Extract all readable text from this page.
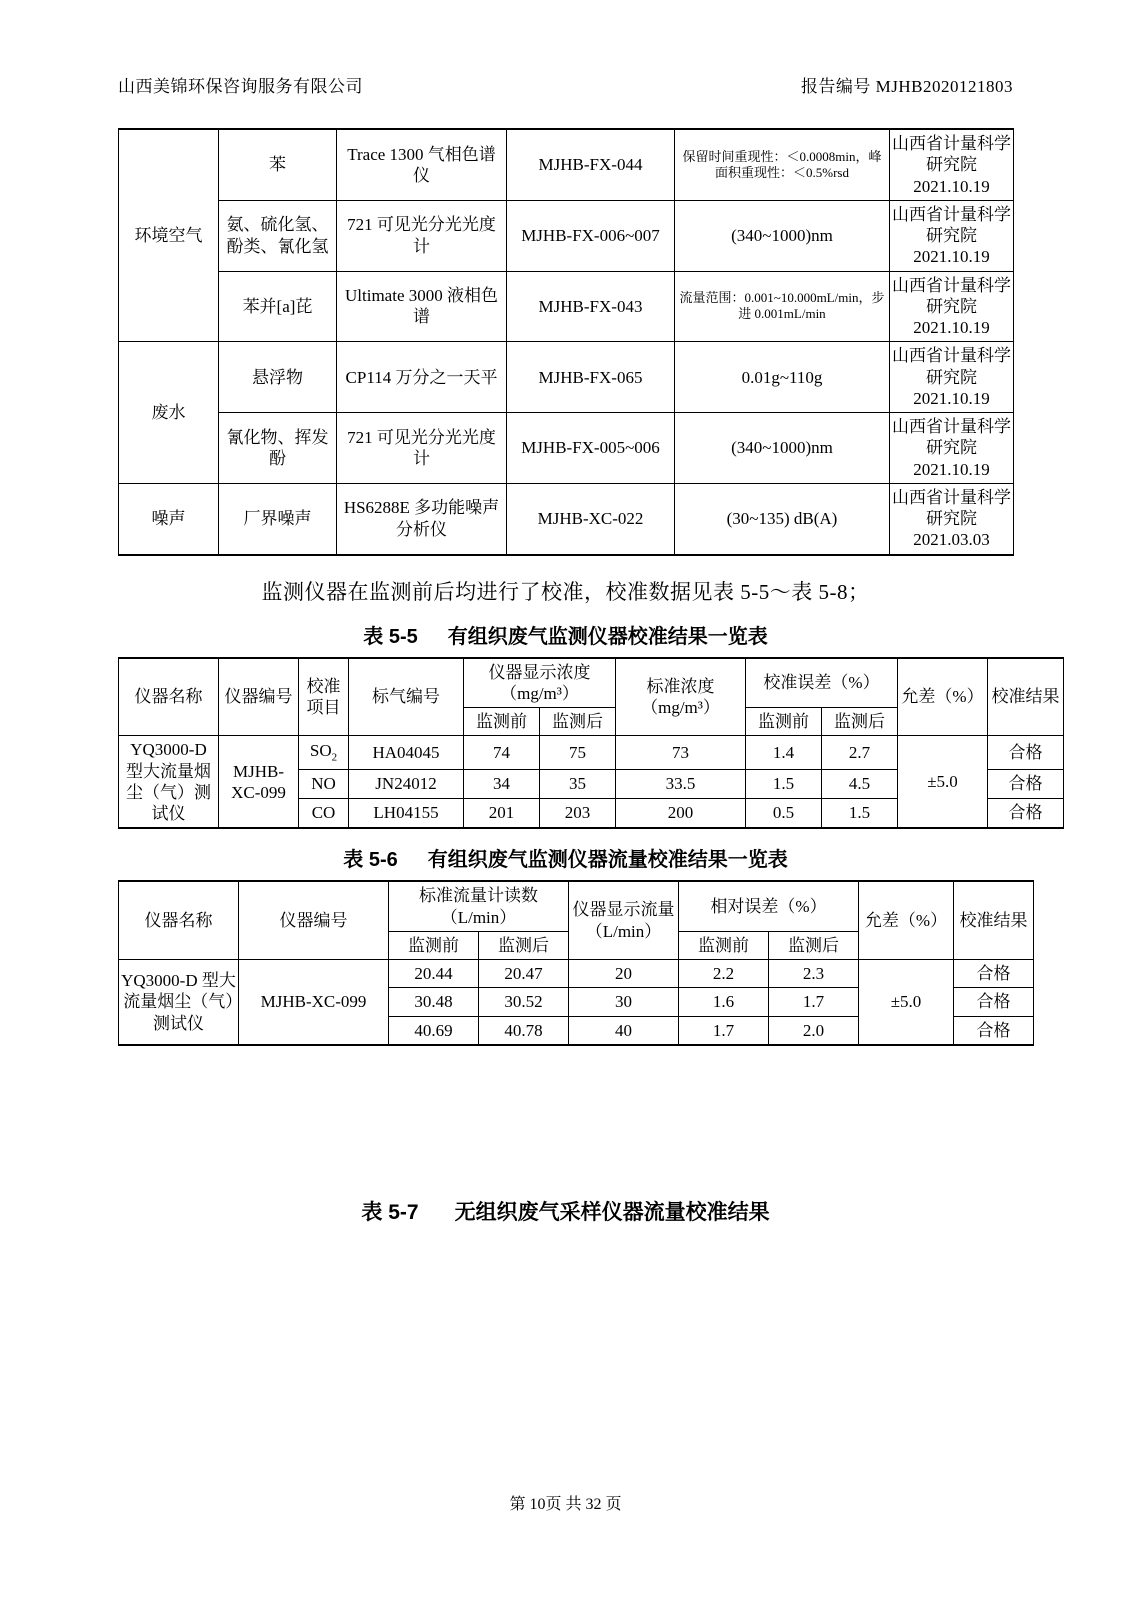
山西美锦环保咨询服务有限公司	报告编号 MJHB2020121803
环境空气	苯	Trace 1300 气相色谱仪	MJHB-FX-044	保留时间重现性：＜0.0008min，峰面积重现性：＜0.5%rsd	山西省计量科学研究院 2021.10.19
	氨、硫化氢、酚类、氰化氢	721 可见光分光光度计	MJHB-FX-006~007	(340~1000)nm	山西省计量科学研究院 2021.10.19
	苯并[a]芘	Ultimate 3000 液相色谱	MJHB-FX-043	流量范围：0.001~10.000mL/min，步进 0.001mL/min	山西省计量科学研究院 2021.10.19
废水	悬浮物	CP114 万分之一天平	MJHB-FX-065	0.01g~110g	山西省计量科学研究院 2021.10.19
	氰化物、挥发酚	721 可见光分光光度计	MJHB-FX-005~006	(340~1000)nm	山西省计量科学研究院 2021.10.19
噪声	厂界噪声	HS6288E 多功能噪声分析仪	MJHB-XC-022	(30~135) dB(A)	山西省计量科学研究院 2021.03.03
监测仪器在监测前后均进行了校准，校准数据见表 5-5～表 5-8；
表 5-5 有组织废气监测仪器校准结果一览表
仪器名称	仪器编号	校准项目	标气编号	仪器显示浓度（mg/m³）		标准浓度（mg/m³）	校准误差（%）		允差（%）	校准结果
				监测前	监测后		监测前	监测后		
YQ3000-D 型大流量烟尘（气）测试仪	MJHB-XC-099	$SO_2$	HA04045	74	75	73	1.4	2.7	±5.0	合格
		NO	JN24012	34	35	33.5	1.5	4.5		合格
		CO	LH04155	201	203	200	0.5	1.5		合格
表 5-6 有组织废气监测仪器流量校准结果一览表
仪器名称	仪器编号	标准流量计读数（L/min）		仪器显示流量（L/min）	相对误差（%）		允差（%）	校准结果
		监测前	监测后		监测前	监测后		
YQ3000-D 型大流量烟尘（气）测试仪	MJHB-XC-099	20.44	20.47	20	2.2	2.3	±5.0	合格
		30.48	30.52	30	1.6	1.7		合格
		40.69	40.78	40	1.7	2.0		合格
表 5-7 无组织废气采样仪器流量校准结果
第 10页 共 32 页
